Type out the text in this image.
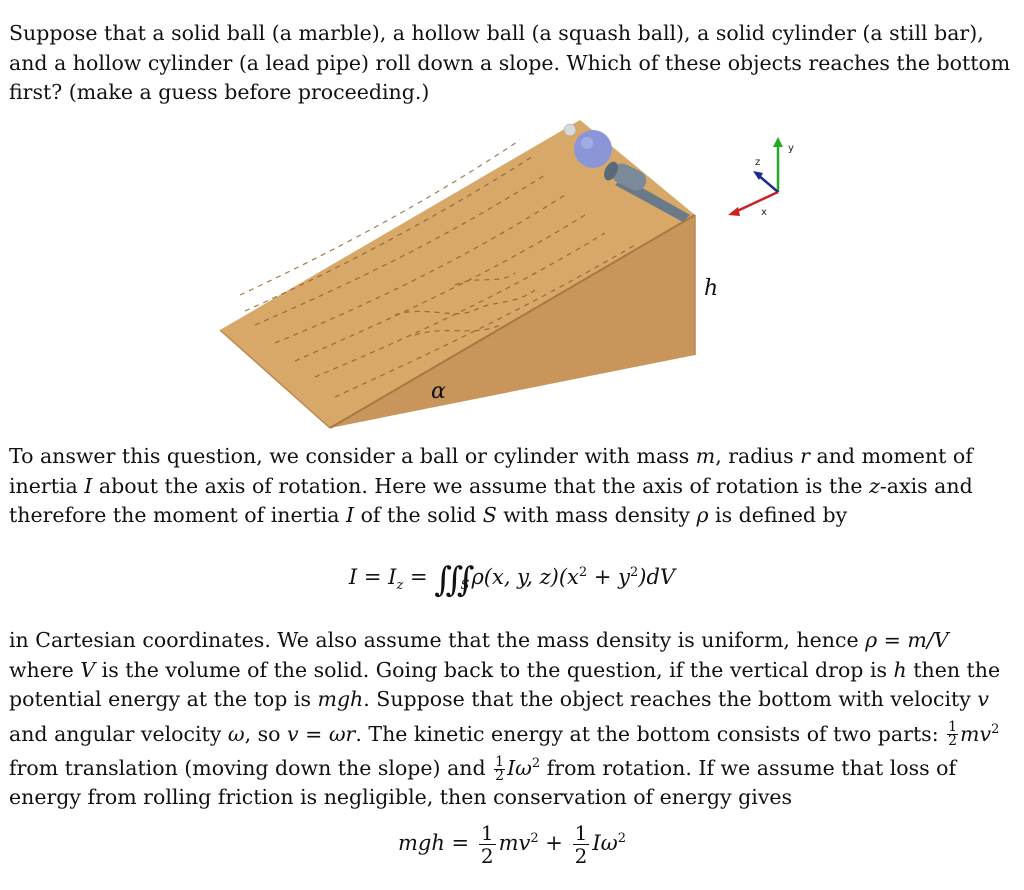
Suppose that a solid ball (a marble), a hollow ball (a squash ball), a solid cylinder (a still bar), and a hollow cylinder (a lead pipe) roll down a slope. Which of these objects reaches the bottom first? (make a guess before proceeding.)

h
α
y
z
x

To answer this question, we consider a ball or cylinder with mass m, radius r and moment of inertia I about the axis of rotation. Here we assume that the axis of rotation is the z-axis and therefore the moment of inertia I of the solid S with mass density ρ is defined by

$I = I_z$ = $∭_S$ ρ(x, y, $z)(x^2 + y^2)dV$

in Cartesian coordinates. We also assume that the mass density is uniform, hence ρ = m/V where V is the volume of the solid. Going back to the question, if the vertical drop is h then the potential energy at the top is mgh. Suppose that the object reaches the bottom with velocity v and angular velocity ω, so v = ωr. The kinetic energy at the bottom consists of two parts: $\frac{1}{2} mv^2$ from translation (moving down the slope) and $\frac{1}{2} I\omega^2$ from rotation. If we assume that loss of energy from rolling friction is negligible, then conservation of energy gives

mgh = $\frac{1}{2} mv^2 + \frac{1}{2} I\omega^2$
